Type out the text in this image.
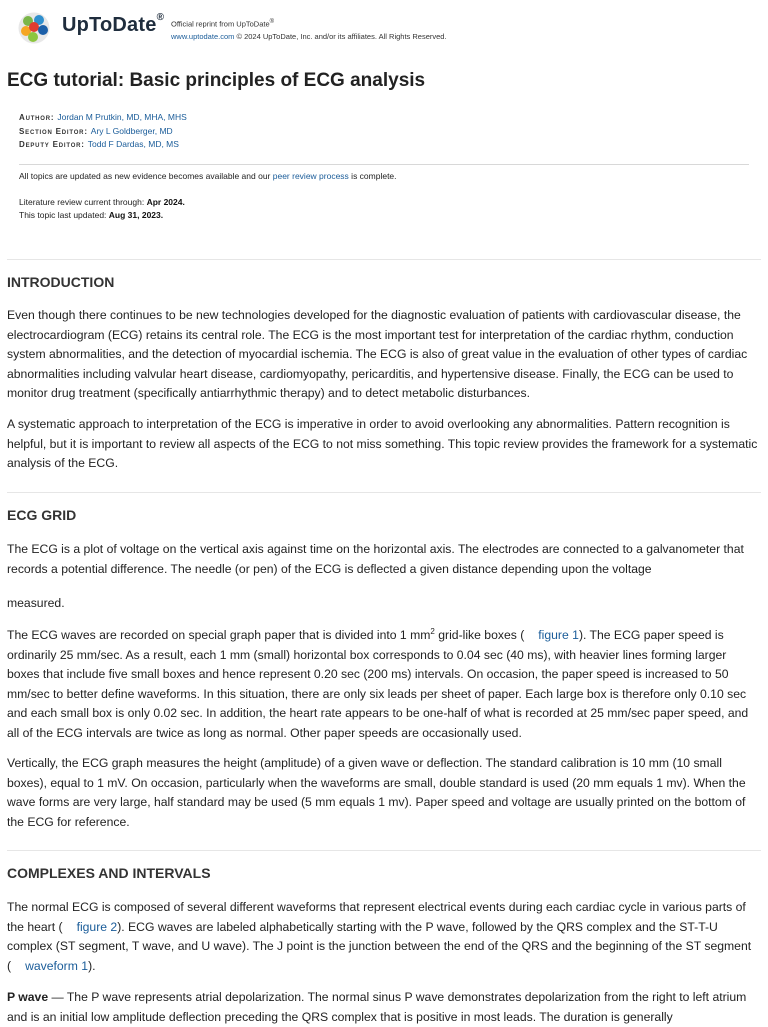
UpToDate®
Official reprint from UpToDate®
www.uptodate.com © 2024 UpToDate, Inc. and/or its affiliates. All Rights Reserved.
ECG tutorial: Basic principles of ECG analysis
Author: Jordan M Prutkin, MD, MHA, MHS
Section Editor: Ary L Goldberger, MD
Deputy Editor: Todd F Dardas, MD, MS
All topics are updated as new evidence becomes available and our peer review process is complete.
Literature review current through: Apr 2024.
This topic last updated: Aug 31, 2023.
INTRODUCTION
Even though there continues to be new technologies developed for the diagnostic evaluation of patients with cardiovascular disease, the electrocardiogram (ECG) retains its central role. The ECG is the most important test for interpretation of the cardiac rhythm, conduction system abnormalities, and the detection of myocardial ischemia. The ECG is also of great value in the evaluation of other types of cardiac abnormalities including valvular heart disease, cardiomyopathy, pericarditis, and hypertensive disease. Finally, the ECG can be used to monitor drug treatment (specifically antiarrhythmic therapy) and to detect metabolic disturbances.
A systematic approach to interpretation of the ECG is imperative in order to avoid overlooking any abnormalities. Pattern recognition is helpful, but it is important to review all aspects of the ECG to not miss something. This topic review provides the framework for a systematic analysis of the ECG.
ECG GRID
The ECG is a plot of voltage on the vertical axis against time on the horizontal axis. The electrodes are connected to a galvanometer that records a potential difference. The needle (or pen) of the ECG is deflected a given distance depending upon the voltage
measured.
The ECG waves are recorded on special graph paper that is divided into 1 $mm^2$ grid-like boxes ( figure 1). The ECG paper speed is ordinarily 25 mm/sec. As a result, each 1 mm (small) horizontal box corresponds to 0.04 sec (40 ms), with heavier lines forming larger boxes that include five small boxes and hence represent 0.20 sec (200 ms) intervals. On occasion, the paper speed is increased to 50 mm/sec to better define waveforms. In this situation, there are only six leads per sheet of paper. Each large box is therefore only 0.10 sec and each small box is only 0.02 sec. In addition, the heart rate appears to be one-half of what is recorded at 25 mm/sec paper speed, and all of the ECG intervals are twice as long as normal. Other paper speeds are occasionally used.
Vertically, the ECG graph measures the height (amplitude) of a given wave or deflection. The standard calibration is 10 mm (10 small boxes), equal to 1 mV. On occasion, particularly when the waveforms are small, double standard is used (20 mm equals 1 mv). When the wave forms are very large, half standard may be used (5 mm equals 1 mv). Paper speed and voltage are usually printed on the bottom of the ECG for reference.
COMPLEXES AND INTERVALS
The normal ECG is composed of several different waveforms that represent electrical events during each cardiac cycle in various parts of the heart ( figure 2). ECG waves are labeled alphabetically starting with the P wave, followed by the QRS complex and the ST-T-U complex (ST segment, T wave, and U wave). The J point is the junction between the end of the QRS and the beginning of the ST segment ( waveform 1).
P wave — The P wave represents atrial depolarization. The normal sinus P wave demonstrates depolarization from the right to left atrium and is an initial low amplitude deflection preceding the QRS complex that is positive in most leads. The duration is generally
